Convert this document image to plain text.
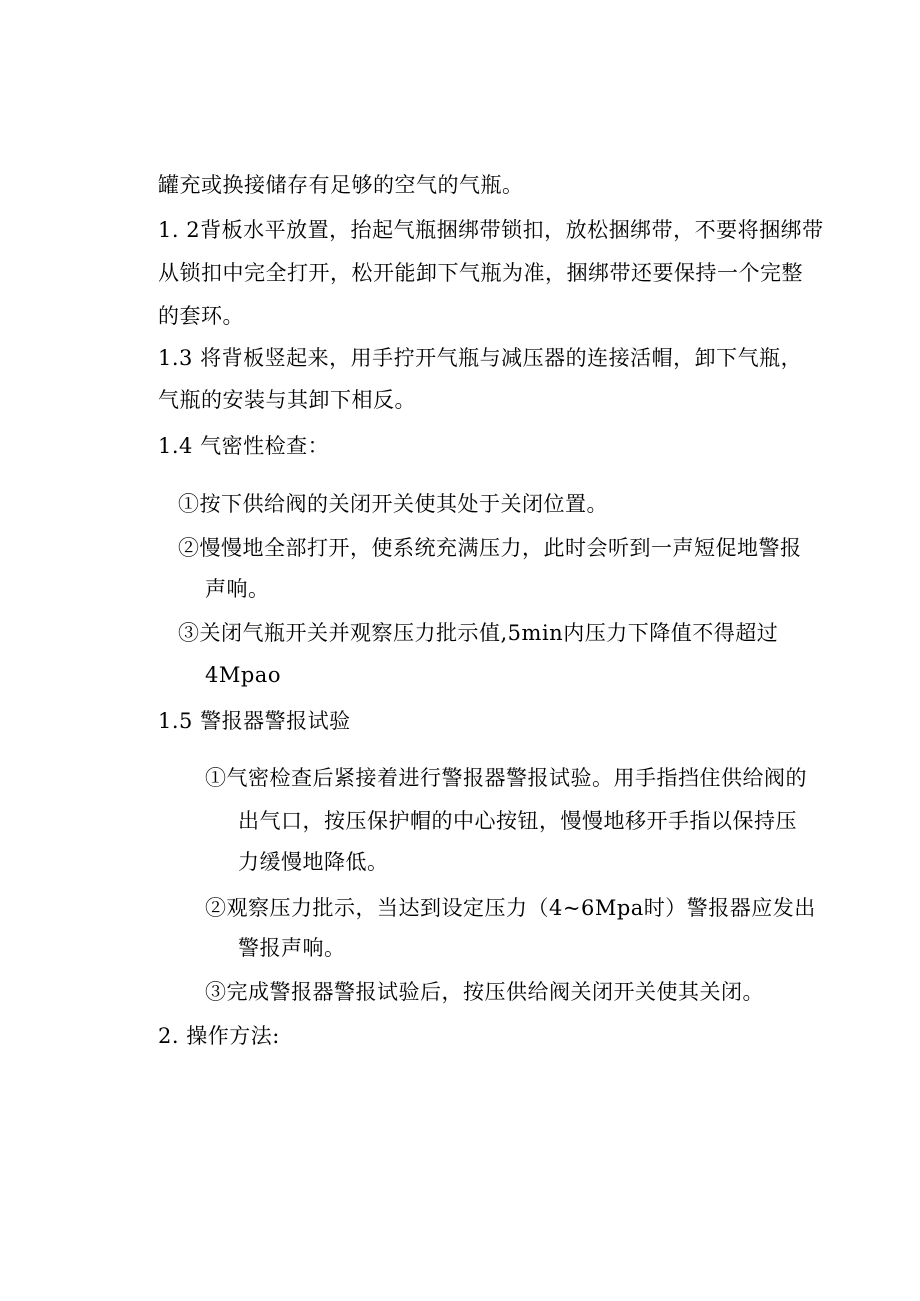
罐充或换接储存有足够的空气的气瓶。
1. 2背板水平放置，抬起气瓶捆绑带锁扣，放松捆绑带，不要将捆绑带
从锁扣中完全打开，松开能卸下气瓶为准，捆绑带还要保持一个完整
的套环。
1.3 将背板竖起来，用手拧开气瓶与减压器的连接活帽，卸下气瓶，
气瓶的安装与其卸下相反。
1.4 气密性检查：
①按下供给阀的关闭开关使其处于关闭位置。
②慢慢地全部打开，使系统充满压力，此时会听到一声短促地警报
声响。
③关闭气瓶开关并观察压力批示值,5min内压力下降值不得超过
4Mpao
1.5 警报器警报试验
①气密检查后紧接着进行警报器警报试验。用手指挡住供给阀的
出气口，按压保护帽的中心按钮，慢慢地移开手指以保持压
力缓慢地降低。
②观察压力批示，当达到设定压力（4~6Mpa时）警报器应发出
警报声响。
③完成警报器警报试验后，按压供给阀关闭开关使其关闭。
2. 操作方法:
